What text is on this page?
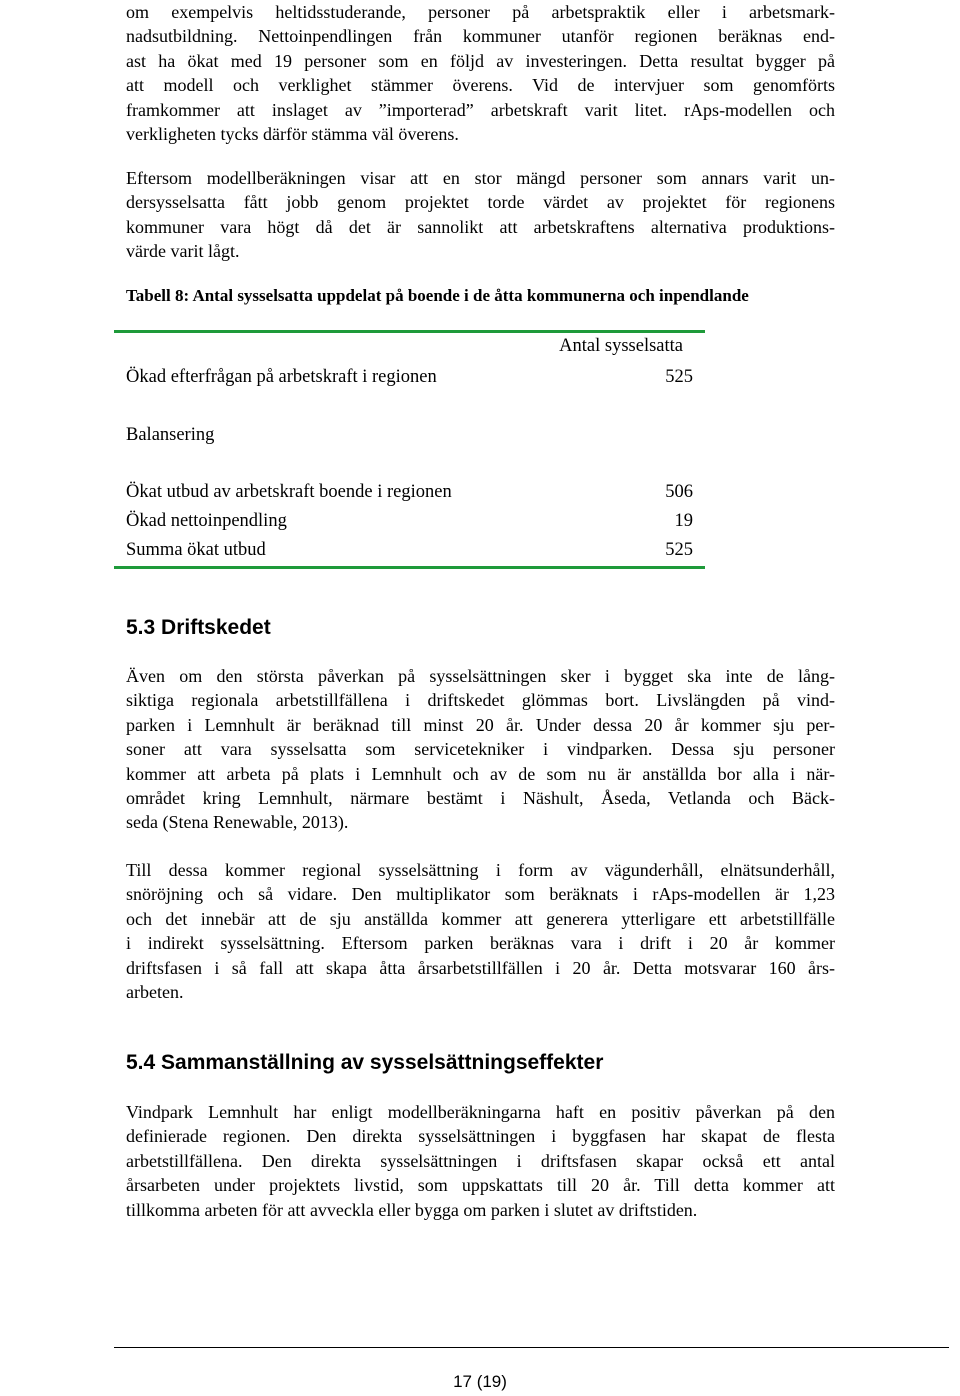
om exempelvis heltidsstuderande, personer på arbetspraktik eller i arbetsmark-
nadsutbildning. Nettoinpendlingen från kommuner utanför regionen beräknas end-
ast ha ökat med 19 personer som en följd av investeringen. Detta resultat bygger på
att modell och verklighet stämmer överens. Vid de intervjuer som genomförts
framkommer att inslaget av ”importerad” arbetskraft varit litet. rAps-modellen och
verkligheten tycks därför stämma väl överens.
Eftersom modellberäkningen visar att en stor mängd personer som annars varit un-
dersysselsatta fått jobb genom projektet torde värdet av projektet för regionens
kommuner vara högt då det är sannolikt att arbetskraftens alternativa produktions-
värde varit lågt.

Tabell 8: Antal sysselsatta uppdelat på boende i de åtta kommunerna och inpendlande

Antal sysselsatta
Ökad efterfrågan på arbetskraft i regionen	525
Balansering
Ökat utbud av arbetskraft boende i regionen	506
Ökad nettoinpendling	19
Summa ökat utbud	525
5.3 Driftskedet
Även om den största påverkan på sysselsättningen sker i bygget ska inte de lång-
siktiga regionala arbetstillfällena i driftskedet glömmas bort. Livslängden på vind-
parken i Lemnhult är beräknad till minst 20 år. Under dessa 20 år kommer sju per-
soner att vara sysselsatta som servicetekniker i vindparken. Dessa sju personer
kommer att arbeta på plats i Lemnhult och av de som nu är anställda bor alla i när-
området kring Lemnhult, närmare bestämt i Näshult, Åseda, Vetlanda och Bäck-
seda (Stena Renewable, 2013).
Till dessa kommer regional sysselsättning i form av vägunderhåll, elnätsunderhåll,
snöröjning och så vidare. Den multiplikator som beräknats i rAps-modellen är 1,23
och det innebär att de sju anställda kommer att generera ytterligare ett arbetstillfälle
i indirekt sysselsättning. Eftersom parken beräknas vara i drift i 20 år kommer
driftsfasen i så fall att skapa åtta årsarbetstillfällen i 20 år. Detta motsvarar 160 års-
arbeten.
5.4 Sammanställning av sysselsättningseffekter
Vindpark Lemnhult har enligt modellberäkningarna haft en positiv påverkan på den
definierade regionen. Den direkta sysselsättningen i byggfasen har skapat de flesta
arbetstillfällena. Den direkta sysselsättningen i driftsfasen skapar också ett antal
årsarbeten under projektets livstid, som uppskattats till 20 år. Till detta kommer att
tillkomma arbeten för att avveckla eller bygga om parken i slutet av driftstiden.
17 (19)
